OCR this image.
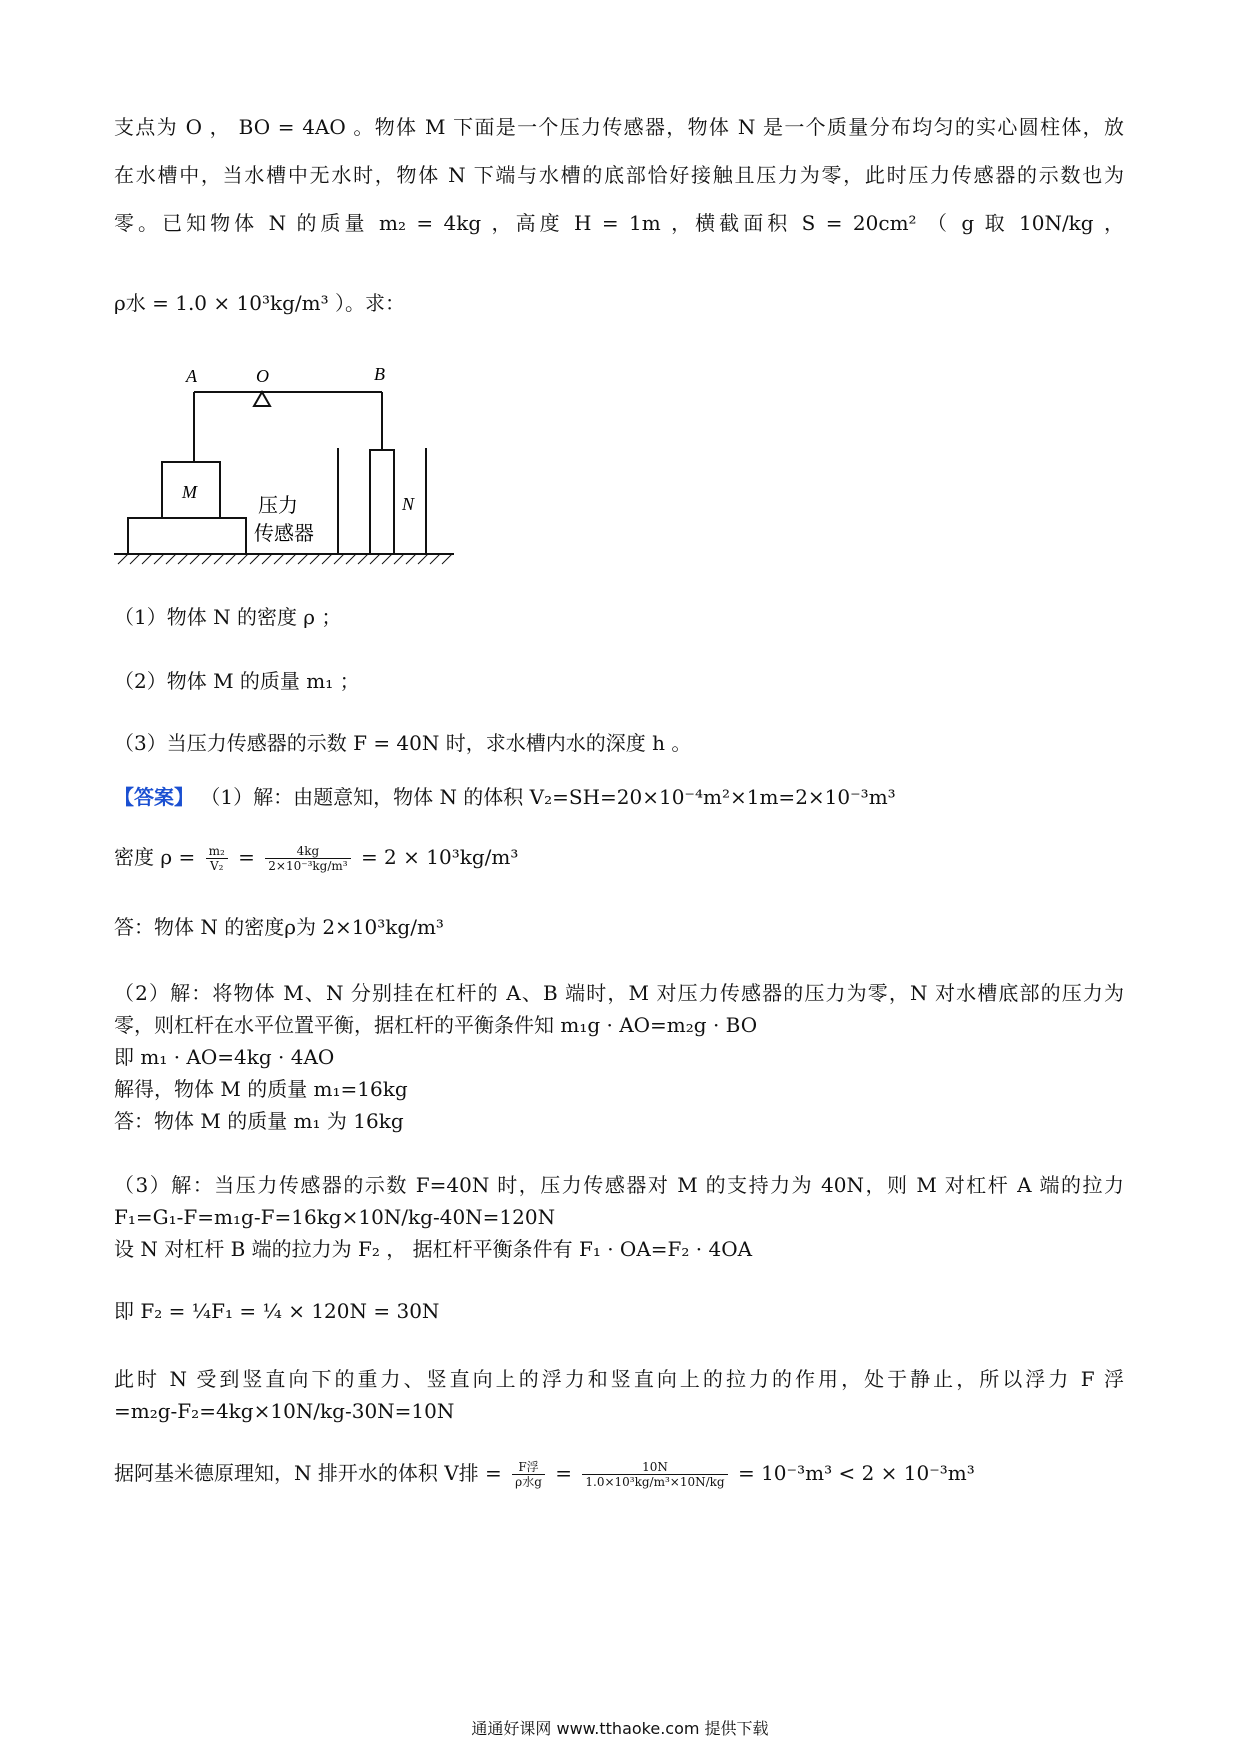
支点为 O ， BO = 4AO 。物体 M 下面是一个压力传感器，物体 N 是一个质量分布均匀的实心圆柱体，放
在水槽中，当水槽中无水时，物体 N 下端与水槽的底部恰好接触且压力为零，此时压力传感器的示数也为
零。已知物体 N 的质量 m₂ = 4kg ，高度 H = 1m ，横截面积 S = 20cm² （ g 取 10N/kg ，
ρ水 = 1.0 × 10³kg/m³ ）。求：
A	O	B
M
N
压力
传感器
（1）物体 N 的密度 ρ ；
（2）物体 M 的质量 m₁ ；
（3）当压力传感器的示数 F = 40N 时，求水槽内水的深度 h 。
【答案】 （1）解：由题意知，物体 N 的体积 V₂=SH=20×10⁻⁴m²×1m=2×10⁻³m³
密度 $\rho = \frac{\text{m₂}}{\text{V₂}} = \frac{4kg}{\text{2×10⁻³kg/m³}} = 2 \times 10^3kg/m^3$
答：物体 N 的密度ρ为 2×10³kg/m³
（2）解：将物体 M、N 分别挂在杠杆的 A、B 端时，M 对压力传感器的压力为零，N 对水槽底部的压力为
零，则杠杆在水平位置平衡，据杠杆的平衡条件知 m₁g · AO=m₂g · BO
即 m₁ · AO=4kg · 4AO
解得，物体 M 的质量 m₁=16kg
答：物体 M 的质量 m₁ 为 16kg
（3）解：当压力传感器的示数 F=40N 时，压力传感器对 M 的支持力为 40N，则 M 对杠杆 A 端的拉力
F₁=G₁-F=m₁g-F=16kg×10N/kg-40N=120N
设 N 对杠杆 B 端的拉力为 F₂ ， 据杠杆平衡条件有 F₁ · OA=F₂ · 4OA
即 F₂ = ¼F₁ = ¼ × 120N = 30N
此时 N 受到竖直向下的重力、竖直向上的浮力和竖直向上的拉力的作用，处于静止，所以浮力 F 浮
=m₂g-F₂=4kg×10N/kg-30N=10N
据阿基米德原理知，N 排开水的体积 V排 = $\frac{\text{F浮}}{\text{ρ水g}} = \frac{10N}{\text{1.0×10³kg/m³×10N/kg}} = 10^{-3}m^3 < 2 \times 10^{-3}m^3$
通通好课网 www.tthaoke.com 提供下载
